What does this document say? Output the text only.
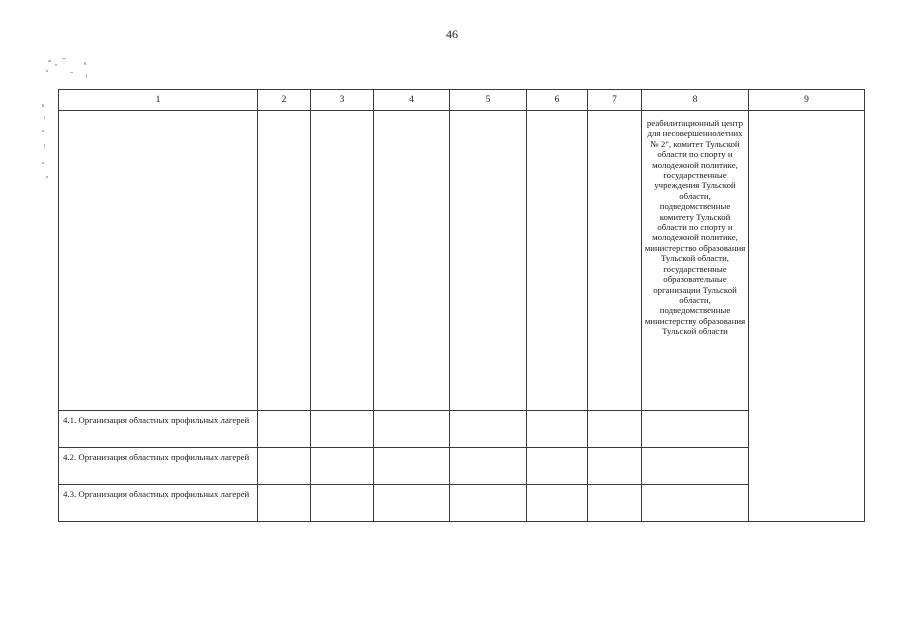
46
1	2	3	4	5	6	7	8	9
							реабилитационный центр для несовершеннолетних № 2", комитет Тульской области по спорту и молодежной политике, государственные учреждения Тульской области, подведомственные комитету Тульской области по спорту и молодежной политике, министерство образования Тульской области, государственные образовательные организации Тульской области, подведомственные министерству образования Тульской области	
4.1. Организация областных профильных лагерей								
4.2. Организация областных профильных лагерей								
4.3. Организация областных профильных лагерей								
